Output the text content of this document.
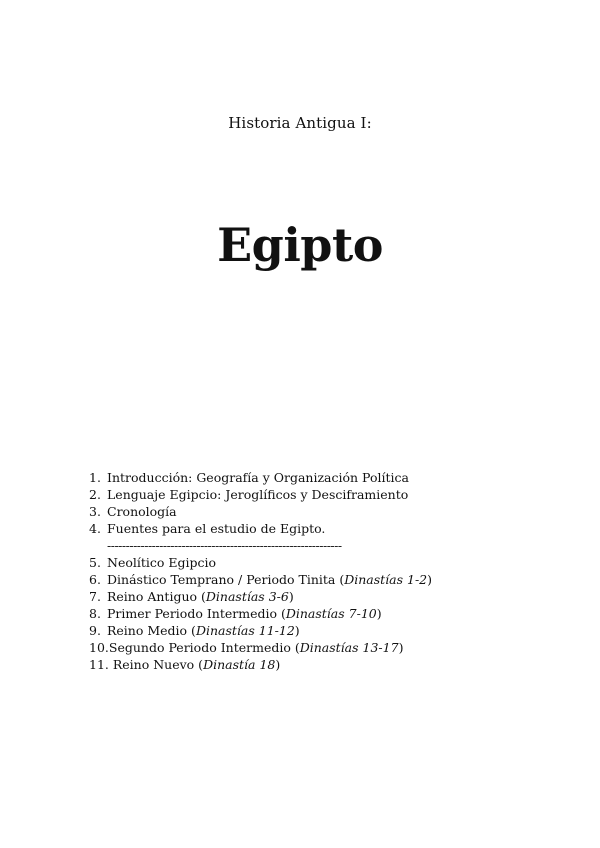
Historia Antigua I:
Egipto
1. Introducción: Geografía y Organización Política
2. Lenguaje Egipcio: Jeroglíficos y Desciframiento
3. Cronología
4. Fuentes para el estudio de Egipto.
---------------------------------------------------------------
5. Neolítico Egipcio
6. Dinástico Temprano / Periodo Tinita (Dinastías 1-2)
7. Reino Antiguo (Dinastías 3-6)
8. Primer Periodo Intermedio (Dinastías 7-10)
9. Reino Medio (Dinastías 11-12)
10. Segundo Periodo Intermedio (Dinastías 13-17)
11. Reino Nuevo (Dinastía 18)
